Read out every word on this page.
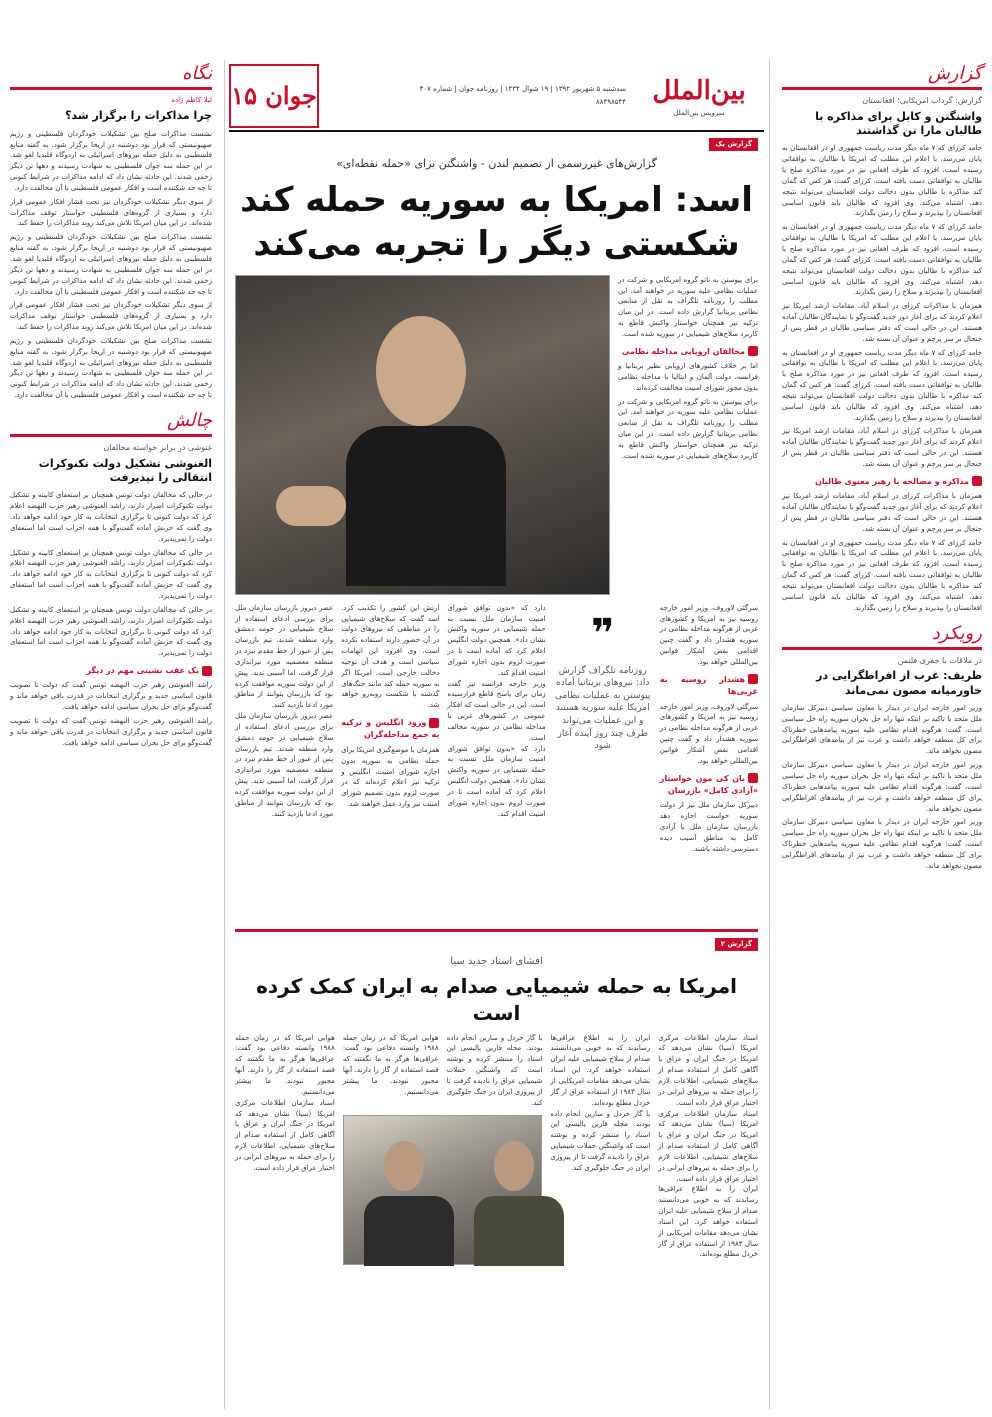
گزارش
گزارش: گرداب امریکایی؛ افغانستان
واشنگتن و کابل برای مذاکره با طالبان مارا تن گذاشتند

حامد کرزای که ۷ ماه دیگر مدت ریاست جمهوری او در افغانستان به پایان می‌رسد، با اعلام این مطلب که امریکا با طالبان به توافقاتی رسیده است، افزود که طرف افغانی نیز در مورد مذاکره صلح با طالبان به توافقاتی دست یافته است. کرزای گفت: هر کس که گمان کند مذاکره با طالبان بدون دخالت دولت افغانستان می‌تواند نتیجه دهد، اشتباه می‌کند. وی افزود که طالبان باید قانون اساسی افغانستان را بپذیرند و سلاح را زمین بگذارند.

حامد کرزای که ۷ ماه دیگر مدت ریاست جمهوری او در افغانستان به پایان می‌رسد، با اعلام این مطلب که امریکا با طالبان به توافقاتی رسیده است، افزود که طرف افغانی نیز در مورد مذاکره صلح با طالبان به توافقاتی دست یافته است. کرزای گفت: هر کس که گمان کند مذاکره با طالبان بدون دخالت دولت افغانستان می‌تواند نتیجه دهد، اشتباه می‌کند. وی افزود که طالبان باید قانون اساسی افغانستان را بپذیرند و سلاح را زمین بگذارند.

همزمان با مذاکرات کرزای در اسلام آباد، مقامات ارشد امریکا نیز اعلام کردند که برای آغاز دور جدید گفت‌وگو با نمایندگان طالبان آماده هستند. این در حالی است که دفتر سیاسی طالبان در قطر پس از جنجال بر سر پرچم و عنوان آن بسته شد.

حامد کرزای که ۷ ماه دیگر مدت ریاست جمهوری او در افغانستان به پایان می‌رسد، با اعلام این مطلب که امریکا با طالبان به توافقاتی رسیده است، افزود که طرف افغانی نیز در مورد مذاکره صلح با طالبان به توافقاتی دست یافته است. کرزای گفت: هر کس که گمان کند مذاکره با طالبان بدون دخالت دولت افغانستان می‌تواند نتیجه دهد، اشتباه می‌کند. وی افزود که طالبان باید قانون اساسی افغانستان را بپذیرند و سلاح را زمین بگذارند.

همزمان با مذاکرات کرزای در اسلام آباد، مقامات ارشد امریکا نیز اعلام کردند که برای آغاز دور جدید گفت‌وگو با نمایندگان طالبان آماده هستند. این در حالی است که دفتر سیاسی طالبان در قطر پس از جنجال بر سر پرچم و عنوان آن بسته شد.

مذاکره و مصالحه با رهبر معنوی طالبان

همزمان با مذاکرات کرزای در اسلام آباد، مقامات ارشد امریکا نیز اعلام کردند که برای آغاز دور جدید گفت‌وگو با نمایندگان طالبان آماده هستند. این در حالی است که دفتر سیاسی طالبان در قطر پس از جنجال بر سر پرچم و عنوان آن بسته شد.

حامد کرزای که ۷ ماه دیگر مدت ریاست جمهوری او در افغانستان به پایان می‌رسد، با اعلام این مطلب که امریکا با طالبان به توافقاتی رسیده است، افزود که طرف افغانی نیز در مورد مذاکره صلح با طالبان به توافقاتی دست یافته است. کرزای گفت: هر کس که گمان کند مذاکره با طالبان بدون دخالت دولت افغانستان می‌تواند نتیجه دهد، اشتباه می‌کند. وی افزود که طالبان باید قانون اساسی افغانستان را بپذیرند و سلاح را زمین بگذارند.

رویکرد
در ملاقات با جفری فلتمن
ظریف: غرب از افراطگرایی در خاورمیانه مصون نمی‌ماند

وزیر امور خارجه ایران در دیدار با معاون سیاسی دبیرکل سازمان ملل متحد با تاکید بر اینکه تنها راه حل بحران سوریه راه حل سیاسی است، گفت: هرگونه اقدام نظامی علیه سوریه پیامدهایی خطرناک برای کل منطقه خواهد داشت و غرب نیز از پیامدهای افراطگرایی مصون نخواهد ماند.

وزیر امور خارجه ایران در دیدار با معاون سیاسی دبیرکل سازمان ملل متحد با تاکید بر اینکه تنها راه حل بحران سوریه راه حل سیاسی است، گفت: هرگونه اقدام نظامی علیه سوریه پیامدهایی خطرناک برای کل منطقه خواهد داشت و غرب نیز از پیامدهای افراطگرایی مصون نخواهد ماند.

وزیر امور خارجه ایران در دیدار با معاون سیاسی دبیرکل سازمان ملل متحد با تاکید بر اینکه تنها راه حل بحران سوریه راه حل سیاسی است، گفت: هرگونه اقدام نظامی علیه سوریه پیامدهایی خطرناک برای کل منطقه خواهد داشت و غرب نیز از پیامدهای افراطگرایی مصون نخواهد ماند.

بین‌الملل
سرویس بین‌الملل
سه‌شنبه ۵ شهریور ۱۳۹۲ | ۱۹ شوال ۱۴۳۴ | روزنامه جوان | شماره ۴۰۷
۸۸۴۹۸۵۴۴
جوان ۱۵
گزارش یک
گزارش‌های غیررسمی از تصمیم لندن - واشنگتن برای «حمله نقطه‌ای»
اسد: امریکا به سوریه حمله کند
شکستی دیگر را تجربه می‌کند

برای پیوستن به ناتو گروه امریکایی و شرکت در عملیات نظامی علیه سوریه در خواهند آمد. این مطلب را روزنامه تلگراف به نقل از منابعی نظامی بریتانیا گزارش داده است. در این میان ترکیه نیز همچنان خواستار واکنش قاطع به کاربرد سلاح‌های شیمیایی در سوریه شده است.

مخالفان اروپایی مداخله نظامی

اما بر خلاف کشورهای اروپایی نظیر بریتانیا و فرانسه، دولت آلمان و ایتالیا با مداخله نظامی بدون مجوز شورای امنیت مخالفت کرده‌اند.

برای پیوستن به ناتو گروه امریکایی و شرکت در عملیات نظامی علیه سوریه در خواهند آمد. این مطلب را روزنامه تلگراف به نقل از منابعی نظامی بریتانیا گزارش داده است. در این میان ترکیه نیز همچنان خواستار واکنش قاطع به کاربرد سلاح‌های شیمیایی در سوریه شده است.

سرگئی لاوروف، وزیر امور خارجه روسیه نیز به امریکا و کشورهای غربی از هرگونه مداخله نظامی در سوریه هشدار داد و گفت چنین اقدامی نقض آشکار قوانین بین‌المللی خواهد بود.

هشدار روسیه به غربی‌ها

سرگئی لاوروف، وزیر امور خارجه روسیه نیز به امریکا و کشورهای غربی از هرگونه مداخله نظامی در سوریه هشدار داد و گفت چنین اقدامی نقض آشکار قوانین بین‌المللی خواهد بود.

بان کی مون خواستار «آزادی کامل» بازرسان

دبیرکل سازمان ملل نیز از دولت سوریه خواست اجازه دهد بازرسان سازمان ملل با آزادی کامل به مناطق آسیب دیده دسترسی داشته باشند.

❞
روزنامه تلگراف گزارش داد: نیروهای بریتانیا آماده پیوستن به عملیات نظامی امریکا علیه سوریه هستند و این عملیات می‌تواند ظرف چند روز آینده آغاز شود

دارد که «بدون توافق شورای امنیت سازمان ملل نسبت به حمله شیمیایی در سوریه واکنش نشان داد». همچنین دولت انگلیس اعلام کرد که آماده است تا در صورت لزوم بدون اجازه شورای امنیت اقدام کند.

وزیر خارجه فرانسه نیز گفت زمان برای پاسخ قاطع فرارسیده است. این در حالی است که افکار عمومی در کشورهای غربی با مداخله نظامی در سوریه مخالف است.

دارد که «بدون توافق شورای امنیت سازمان ملل نسبت به حمله شیمیایی در سوریه واکنش نشان داد». همچنین دولت انگلیس اعلام کرد که آماده است تا در صورت لزوم بدون اجازه شورای امنیت اقدام کند.

ارتش این کشور را تکذیب کرد. اسد گفت که سلاح‌های شیمیایی را در مناطقی که نیروهای دولت در آن حضور دارند استفاده نکرده است. وی افزود: این اتهامات سیاسی است و هدف آن توجیه دخالت خارجی است. امریکا اگر به سوریه حمله کند مانند جنگ‌های گذشته با شکست روبه‌رو خواهد شد.

ورود انگلیس و ترکیه به جمع مداخله‌گران

همزمان با موضع‌گیری امریکا برای حمله نظامی به سوریه بدون اجازه شورای امنیت، انگلیس و ترکیه نیز اعلام کرده‌اند که در صورت لزوم بدون تصمیم شورای امنیت نیز وارد عمل خواهند شد.

عصر دیروز بازرسان سازمان ملل برای بررسی ادعای استفاده از سلاح شیمیایی در حومه دمشق وارد منطقه شدند. تیم بازرسان پس از عبور از خط مقدم نبرد در منطقه معضمیه مورد تیراندازی قرار گرفت، اما آسیبی ندید. پیش از این دولت سوریه موافقت کرده بود که بازرسان بتوانند از مناطق مورد ادعا بازدید کنند.

عصر دیروز بازرسان سازمان ملل برای بررسی ادعای استفاده از سلاح شیمیایی در حومه دمشق وارد منطقه شدند. تیم بازرسان پس از عبور از خط مقدم نبرد در منطقه معضمیه مورد تیراندازی قرار گرفت، اما آسیبی ندید. پیش از این دولت سوریه موافقت کرده بود که بازرسان بتوانند از مناطق مورد ادعا بازدید کنند.

گزارش ۲
افشای اسناد جدید سیا
امریکا به حمله شیمیایی صدام به ایران کمک کرده است

اسناد سازمان اطلاعات مرکزی امریکا (سیا) نشان می‌دهد که امریکا در جنگ ایران و عراق با آگاهی کامل از استفاده صدام از سلاح‌های شیمیایی، اطلاعات لازم را برای حمله به نیروهای ایرانی در اختیار عراق قرار داده است.

اسناد سازمان اطلاعات مرکزی امریکا (سیا) نشان می‌دهد که امریکا در جنگ ایران و عراق با آگاهی کامل از استفاده صدام از سلاح‌های شیمیایی، اطلاعات لازم را برای حمله به نیروهای ایرانی در اختیار عراق قرار داده است.

ایران را به اطلاع عراقی‌ها رساندند که به خوبی می‌دانستند صدام از سلاح شیمیایی علیه ایران استفاده خواهد کرد. این اسناد نشان می‌دهد مقامات امریکایی از سال ۱۹۸۳ از استفاده عراق از گاز خردل مطلع بوده‌اند.

ایران را به اطلاع عراقی‌ها رساندند که به خوبی می‌دانستند صدام از سلاح شیمیایی علیه ایران استفاده خواهد کرد. این اسناد نشان می‌دهد مقامات امریکایی از سال ۱۹۸۳ از استفاده عراق از گاز خردل مطلع بوده‌اند.

با گاز خردل و سارین انجام داده بودند. مجله فارین پالیسی این اسناد را منتشر کرده و نوشته است که واشنگتن حملات شیمیایی عراق را نادیده گرفت تا از پیروزی ایران در جنگ جلوگیری کند.

با گاز خردل و سارین انجام داده بودند. مجله فارین پالیسی این اسناد را منتشر کرده و نوشته است که واشنگتن حملات شیمیایی عراق را نادیده گرفت تا از پیروزی ایران در جنگ جلوگیری کند.
هوایی امریکا که در زمان حمله ۱۹۸۸ وابسته دفاعی بود گفت: عراقی‌ها هرگز به ما نگفتند که قصد استفاده از گاز را دارند. آنها مجبور نبودند. ما پیشتر می‌دانستیم.

هوایی امریکا که در زمان حمله ۱۹۸۸ وابسته دفاعی بود گفت: عراقی‌ها هرگز به ما نگفتند که قصد استفاده از گاز را دارند. آنها مجبور نبودند. ما پیشتر می‌دانستیم.

اسناد سازمان اطلاعات مرکزی امریکا (سیا) نشان می‌دهد که امریکا در جنگ ایران و عراق با آگاهی کامل از استفاده صدام از سلاح‌های شیمیایی، اطلاعات لازم را برای حمله به نیروهای ایرانی در اختیار عراق قرار داده است.

نگاه
لیلا کاظم زاده
چرا مذاکرات را برگزار شد؟

نشست مذاکرات صلح بین تشکیلات خودگردان فلسطینی و رژیم صهیونیستی که قرار بود دوشنبه در اریحا برگزار شود، به گفته منابع فلسطینی به دلیل حمله نیروهای اسرائیلی به اردوگاه قلندیا لغو شد. در این حمله سه جوان فلسطینی به شهادت رسیدند و دهها تن دیگر زخمی شدند. این حادثه نشان داد که ادامه مذاکرات در شرایط کنونی تا چه حد شکننده است و افکار عمومی فلسطینی با آن مخالفت دارد.

از سوی دیگر تشکیلات خودگردان نیز تحت فشار افکار عمومی قرار دارد و بسیاری از گروه‌های فلسطینی خواستار توقف مذاکرات شده‌اند. در این میان امریکا تلاش می‌کند روند مذاکرات را حفظ کند.

نشست مذاکرات صلح بین تشکیلات خودگردان فلسطینی و رژیم صهیونیستی که قرار بود دوشنبه در اریحا برگزار شود، به گفته منابع فلسطینی به دلیل حمله نیروهای اسرائیلی به اردوگاه قلندیا لغو شد. در این حمله سه جوان فلسطینی به شهادت رسیدند و دهها تن دیگر زخمی شدند. این حادثه نشان داد که ادامه مذاکرات در شرایط کنونی تا چه حد شکننده است و افکار عمومی فلسطینی با آن مخالفت دارد.

از سوی دیگر تشکیلات خودگردان نیز تحت فشار افکار عمومی قرار دارد و بسیاری از گروه‌های فلسطینی خواستار توقف مذاکرات شده‌اند. در این میان امریکا تلاش می‌کند روند مذاکرات را حفظ کند.

نشست مذاکرات صلح بین تشکیلات خودگردان فلسطینی و رژیم صهیونیستی که قرار بود دوشنبه در اریحا برگزار شود، به گفته منابع فلسطینی به دلیل حمله نیروهای اسرائیلی به اردوگاه قلندیا لغو شد. در این حمله سه جوان فلسطینی به شهادت رسیدند و دهها تن دیگر زخمی شدند. این حادثه نشان داد که ادامه مذاکرات در شرایط کنونی تا چه حد شکننده است و افکار عمومی فلسطینی با آن مخالفت دارد.

چالش
غنوشی در برابر خواسته مخالفان
الغنوشی تشکیل دولت تکنوکرات انتقالی را نپذیرفت

در حالی که مخالفان دولت تونس همچنان بر استعفای کابینه و تشکیل دولت تکنوکرات اصرار دارند، راشد الغنوشی رهبر حزب النهضه اعلام کرد که دولت کنونی تا برگزاری انتخابات به کار خود ادامه خواهد داد. وی گفت که حزبش آماده گفت‌وگو با همه احزاب است اما استعفای دولت را نمی‌پذیرد.

در حالی که مخالفان دولت تونس همچنان بر استعفای کابینه و تشکیل دولت تکنوکرات اصرار دارند، راشد الغنوشی رهبر حزب النهضه اعلام کرد که دولت کنونی تا برگزاری انتخابات به کار خود ادامه خواهد داد. وی گفت که حزبش آماده گفت‌وگو با همه احزاب است اما استعفای دولت را نمی‌پذیرد.

در حالی که مخالفان دولت تونس همچنان بر استعفای کابینه و تشکیل دولت تکنوکرات اصرار دارند، راشد الغنوشی رهبر حزب النهضه اعلام کرد که دولت کنونی تا برگزاری انتخابات به کار خود ادامه خواهد داد. وی گفت که حزبش آماده گفت‌وگو با همه احزاب است اما استعفای دولت را نمی‌پذیرد.

یک عقب نشینی مهم در دیگر

راشد الغنوشی رهبر حزب النهضه تونس گفت که دولت تا تصویب قانون اساسی جدید و برگزاری انتخابات در قدرت باقی خواهد ماند و گفت‌وگو برای حل بحران سیاسی ادامه خواهد یافت.

راشد الغنوشی رهبر حزب النهضه تونس گفت که دولت تا تصویب قانون اساسی جدید و برگزاری انتخابات در قدرت باقی خواهد ماند و گفت‌وگو برای حل بحران سیاسی ادامه خواهد یافت.
